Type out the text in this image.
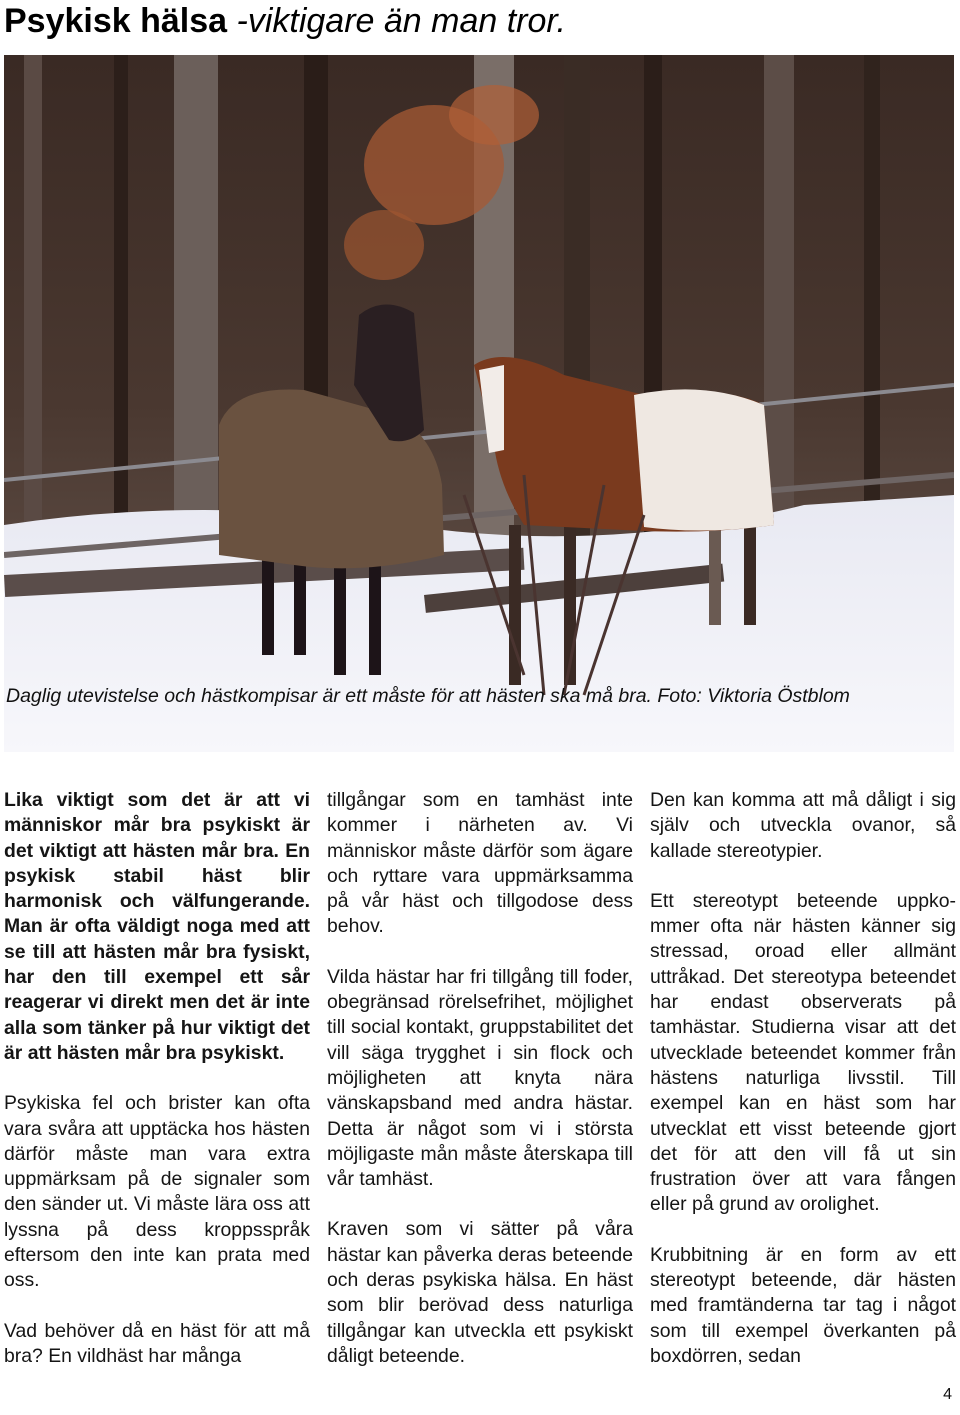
Psykisk hälsa -viktigare än man tror.
Daglig utevistelse och hästkompisar är ett måste för att hästen ska må bra. Foto: Viktoria Östblom

Lika viktigt som det är att vi människor mår bra psykiskt är det viktigt att hästen mår bra. En psykisk stabil häst blir harmonisk och välfungerande. Man är ofta väldigt noga med att se till att hästen mår bra fysiskt, har den till exempel ett sår reagerar vi direkt men det är inte alla som tänker på hur viktigt det är att hästen mår bra psykiskt.

Psykiska fel och brister kan ofta vara svåra att upptäcka hos hästen därför måste man vara extra uppmärksam på de signaler som den sänder ut. Vi måste lära oss att lyssna på dess kroppsspråk eftersom den inte kan prata med oss.

Vad behöver då en häst för att må bra? En vildhäst har många

tillgångar som en tamhäst inte kommer i närheten av. Vi människor måste därför som ägare och ryttare vara uppmärksamma på vår häst och tillgodose dess behov.

Vilda hästar har fri tillgång till foder, obegränsad rörelsefrihet, möjlighet till social kontakt, gruppstabilitet det vill säga trygghet i sin flock och möjligheten att knyta nära vänskapsband med andra hästar. Detta är något som vi i största möjligaste mån måste återskapa till vår tamhäst.

Kraven som vi sätter på våra hästar kan påverka deras beteende och deras psykiska hälsa. En häst som blir berövad dess naturliga tillgångar kan utveckla ett psykiskt dåligt beteende.

Den kan komma att må dåligt i sig själv och utveckla ovanor, så kallade stereotypier.

Ett stereotypt beteende uppkommer ofta när hästen känner sig stressad, oroad eller allmänt uttråkad. Det stereotypa beteendet har endast observerats på tamhästar. Studierna visar att det utvecklade beteendet kommer från hästens naturliga livsstil. Till exempel kan en häst som har utvecklat ett visst beteende gjort det för att den vill få ut sin frustration över att vara fången eller på grund av orolighet.

Krubbitning är en form av ett stereotypt beteende, där hästen med framtänderna tar tag i något som till exempel överkanten på boxdörren, sedan

4
